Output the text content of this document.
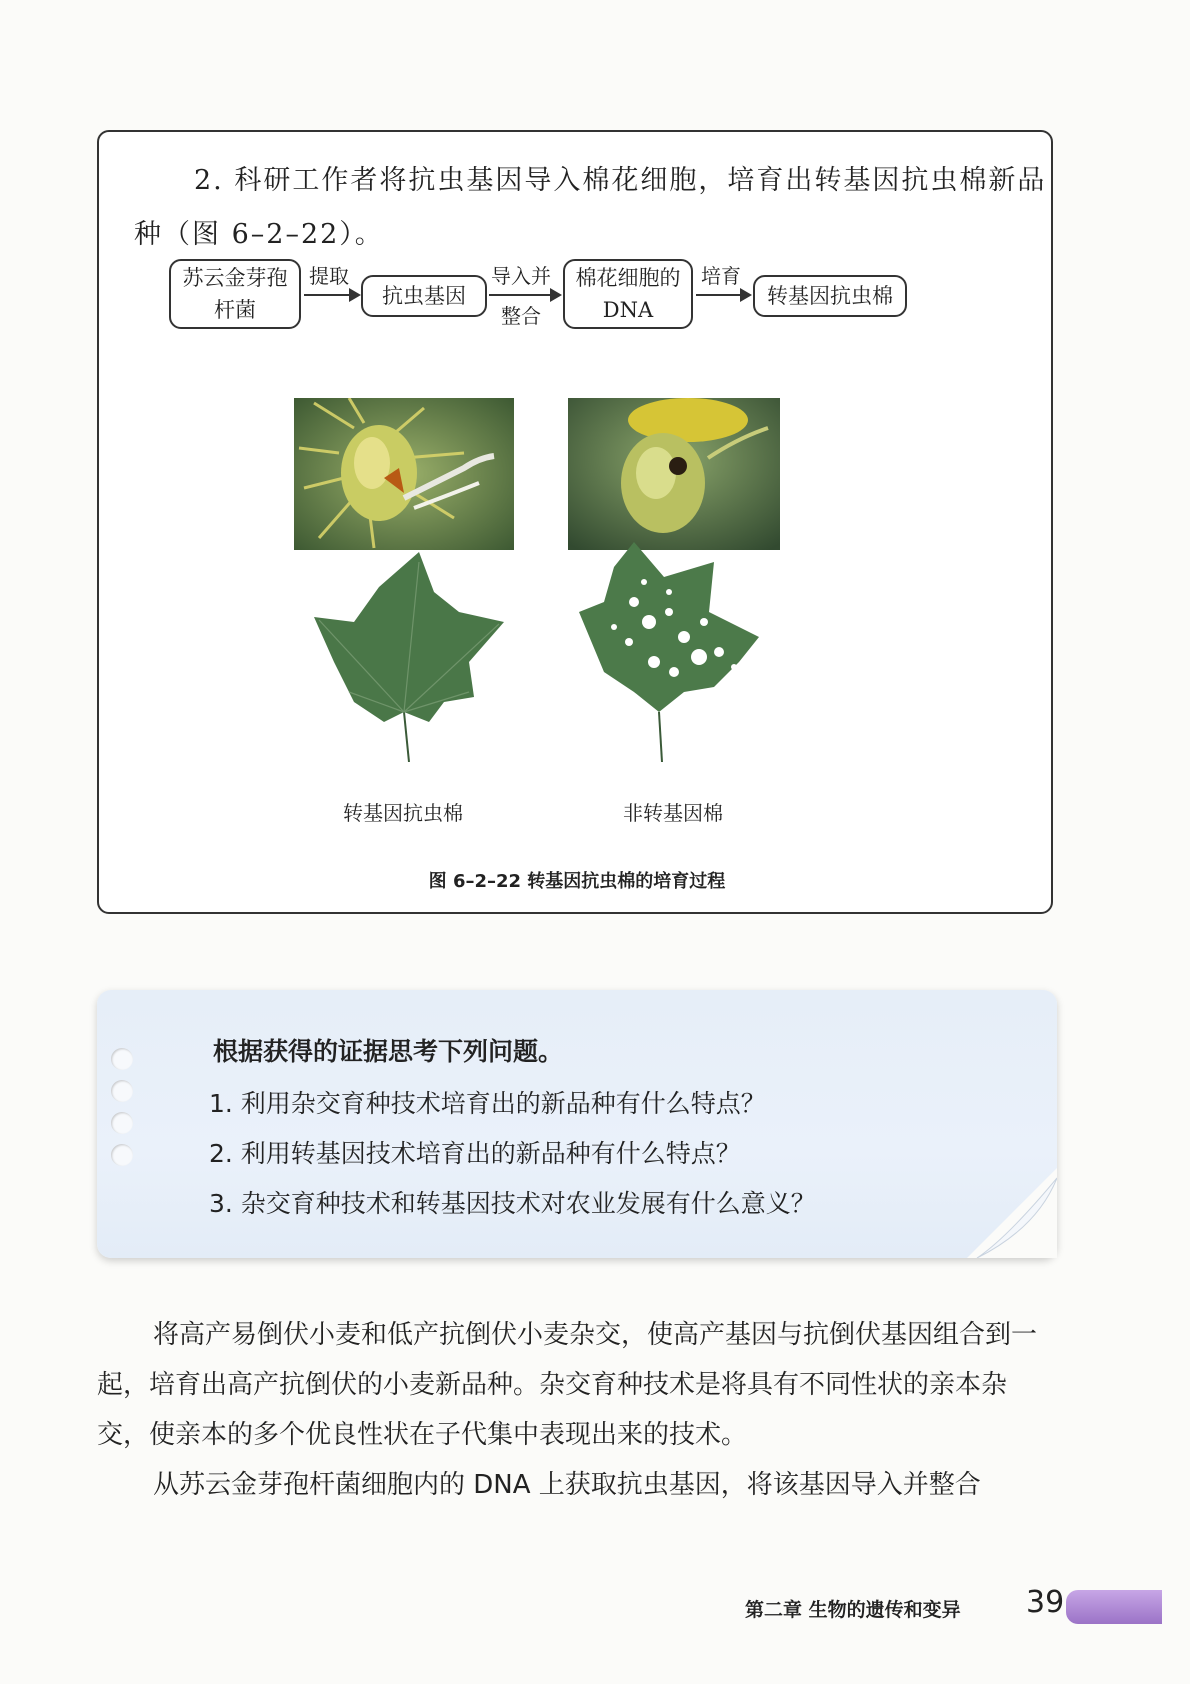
2. 科研工作者将抗虫基因导入棉花细胞，培育出转基因抗虫棉新品
种（图 6–2–22）。
苏云金芽孢
杆菌
提取
抗虫基因
导入并
整合
棉花细胞的
DNA
培育
转基因抗虫棉
转基因抗虫棉	非转基因棉
图 6–2–22 转基因抗虫棉的培育过程
根据获得的证据思考下列问题。
1. 利用杂交育种技术培育出的新品种有什么特点？
2. 利用转基因技术培育出的新品种有什么特点？
3. 杂交育种技术和转基因技术对农业发展有什么意义？
将高产易倒伏小麦和低产抗倒伏小麦杂交，使高产基因与抗倒伏基因组合到一起，培育出高产抗倒伏的小麦新品种。杂交育种技术是将具有不同性状的亲本杂交，使亲本的多个优良性状在子代集中表现出来的技术。
从苏云金芽孢杆菌细胞内的 DNA 上获取抗虫基因，将该基因导入并整合
第二章 生物的遗传和变异 39
